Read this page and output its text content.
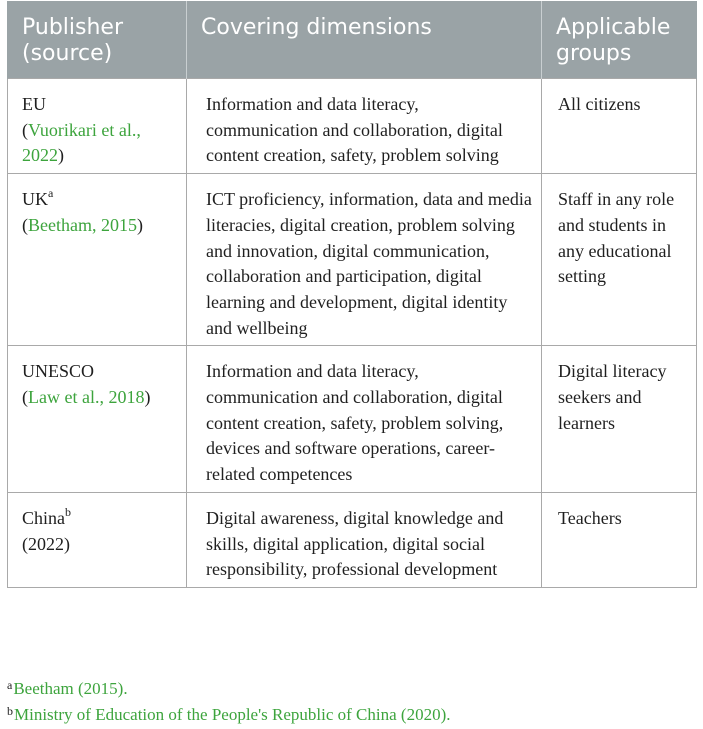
Publisher (source)	Covering dimensions	Applicable groups
EU
(Vuorikari et al., 2022)	Information and data literacy, communication and collaboration, digital content creation, safety, problem solving	All citizens
$UK^a$
(Beetham, 2015)	ICT proficiency, information, data and media literacies, digital creation, problem solving and innovation, digital communication, collaboration and participation, digital learning and development, digital identity and wellbeing	Staff in any role and students in any educational setting
UNESCO
(Law et al., 2018)	Information and data literacy, communication and collaboration, digital content creation, safety, problem solving, devices and software operations, career-related competences	Digital literacy seekers and learners
China$^b$
(2022)	Digital awareness, digital knowledge and skills, digital application, digital social responsibility, professional development	Teachers
$^a$Beetham (2015).
$^b$Ministry of Education of the People's Republic of China (2020).
